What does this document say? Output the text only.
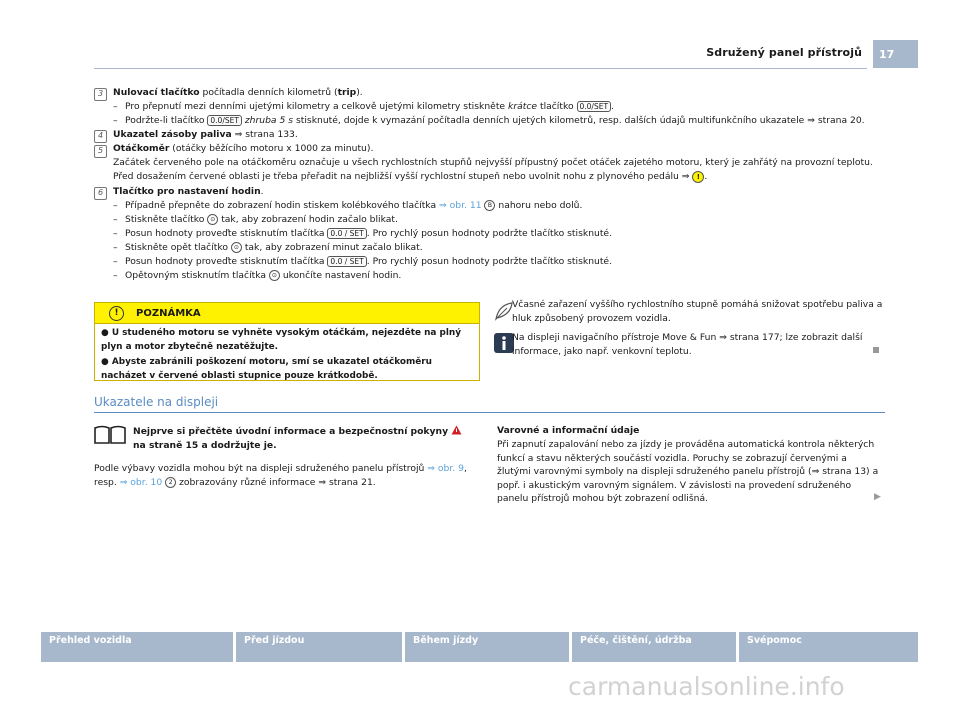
Sdružený panel přístrojů	17
3	Nulovací tlačítko počítadla denních kilometrů (trip).
– Pro přepnutí mezi denními ujetými kilometry a celkově ujetými kilometry stiskněte krátce tlačítko 0.0/SET .
– Podržte-li tlačítko 0.0/SET zhruba 5 s stisknuté, dojde k vymazání počítadla denních ujetých kilometrů, resp. dalších údajů multifunkčního ukazatele ⇒ strana 20.
4	Ukazatel zásoby paliva ⇒ strana 133.
5	Otáčkoměr (otáčky běžícího motoru x 1000 za minutu).
Začátek červeného pole na otáčkoměru označuje u všech rychlostních stupňů nejvyšší přípustný počet otáček zajetého motoru, který je zahřátý na provozní teplotu.
Před dosažením červené oblasti je třeba přeřadit na nejbližší vyšší rychlostní stupeň nebo uvolnit nohu z plynového pedálu ⇒ ! .
6	Tlačítko pro nastavení hodin.
– Případně přepněte do zobrazení hodin stiskem kolébkového tlačítka ⇒ obr. 11 B nahoru nebo dolů.
– Stiskněte tlačítko ⊙ tak, aby zobrazení hodin začalo blikat.
– Posun hodnoty proveďte stisknutím tlačítka 0.0 / SET . Pro rychlý posun hodnoty podržte tlačítko stisknuté.
– Stiskněte opět tlačítko ⊙ tak, aby zobrazení minut začalo blikat.
– Posun hodnoty proveďte stisknutím tlačítka 0.0 / SET . Pro rychlý posun hodnoty podržte tlačítko stisknuté.
– Opětovným stisknutím tlačítka ⊙ ukončíte nastavení hodin.
!	POZNÁMKA
● U studeného motoru se vyhněte vysokým otáčkám, nejezděte na plný plyn a motor zbytečně nezatěžujte.
● Abyste zabránili poškození motoru, smí se ukazatel otáčkoměru nacházet v červené oblasti stupnice pouze krátkodobě.
Včasné zařazení vyššího rychlostního stupně pomáhá snižovat spotřebu paliva a hluk způsobený provozem vozidla.
Na displeji navigačního přístroje Move & Fun ⇒ strana 177; lze zobrazit další informace, jako např. venkovní teplotu.
Ukazatele na displeji
Nejprve si přečtěte úvodní informace a bezpečnostní pokyny  na straně 15 a dodržujte je.
Podle výbavy vozidla mohou být na displeji sdruženého panelu přístrojů ⇒ obr. 9,
resp. ⇒ obr. 10 2 zobrazovány různé informace ⇒ strana 21.
Varovné a informační údaje
Při zapnutí zapalování nebo za jízdy je prováděna automatická kontrola některých funkcí a stavu některých součástí vozidla. Poruchy se zobrazují červenými a žlutými varovnými symboly na displeji sdruženého panelu přístrojů (⇒ strana 13) a popř. i akustickým varovným signálem. V závislosti na provedení sdruženého panelu přístrojů mohou být zobrazení odlišná.	▶
Přehled vozidla	Před jízdou	Během jízdy	Péče, čištění, údržba	Svépomoc
carmanualsonline.info
